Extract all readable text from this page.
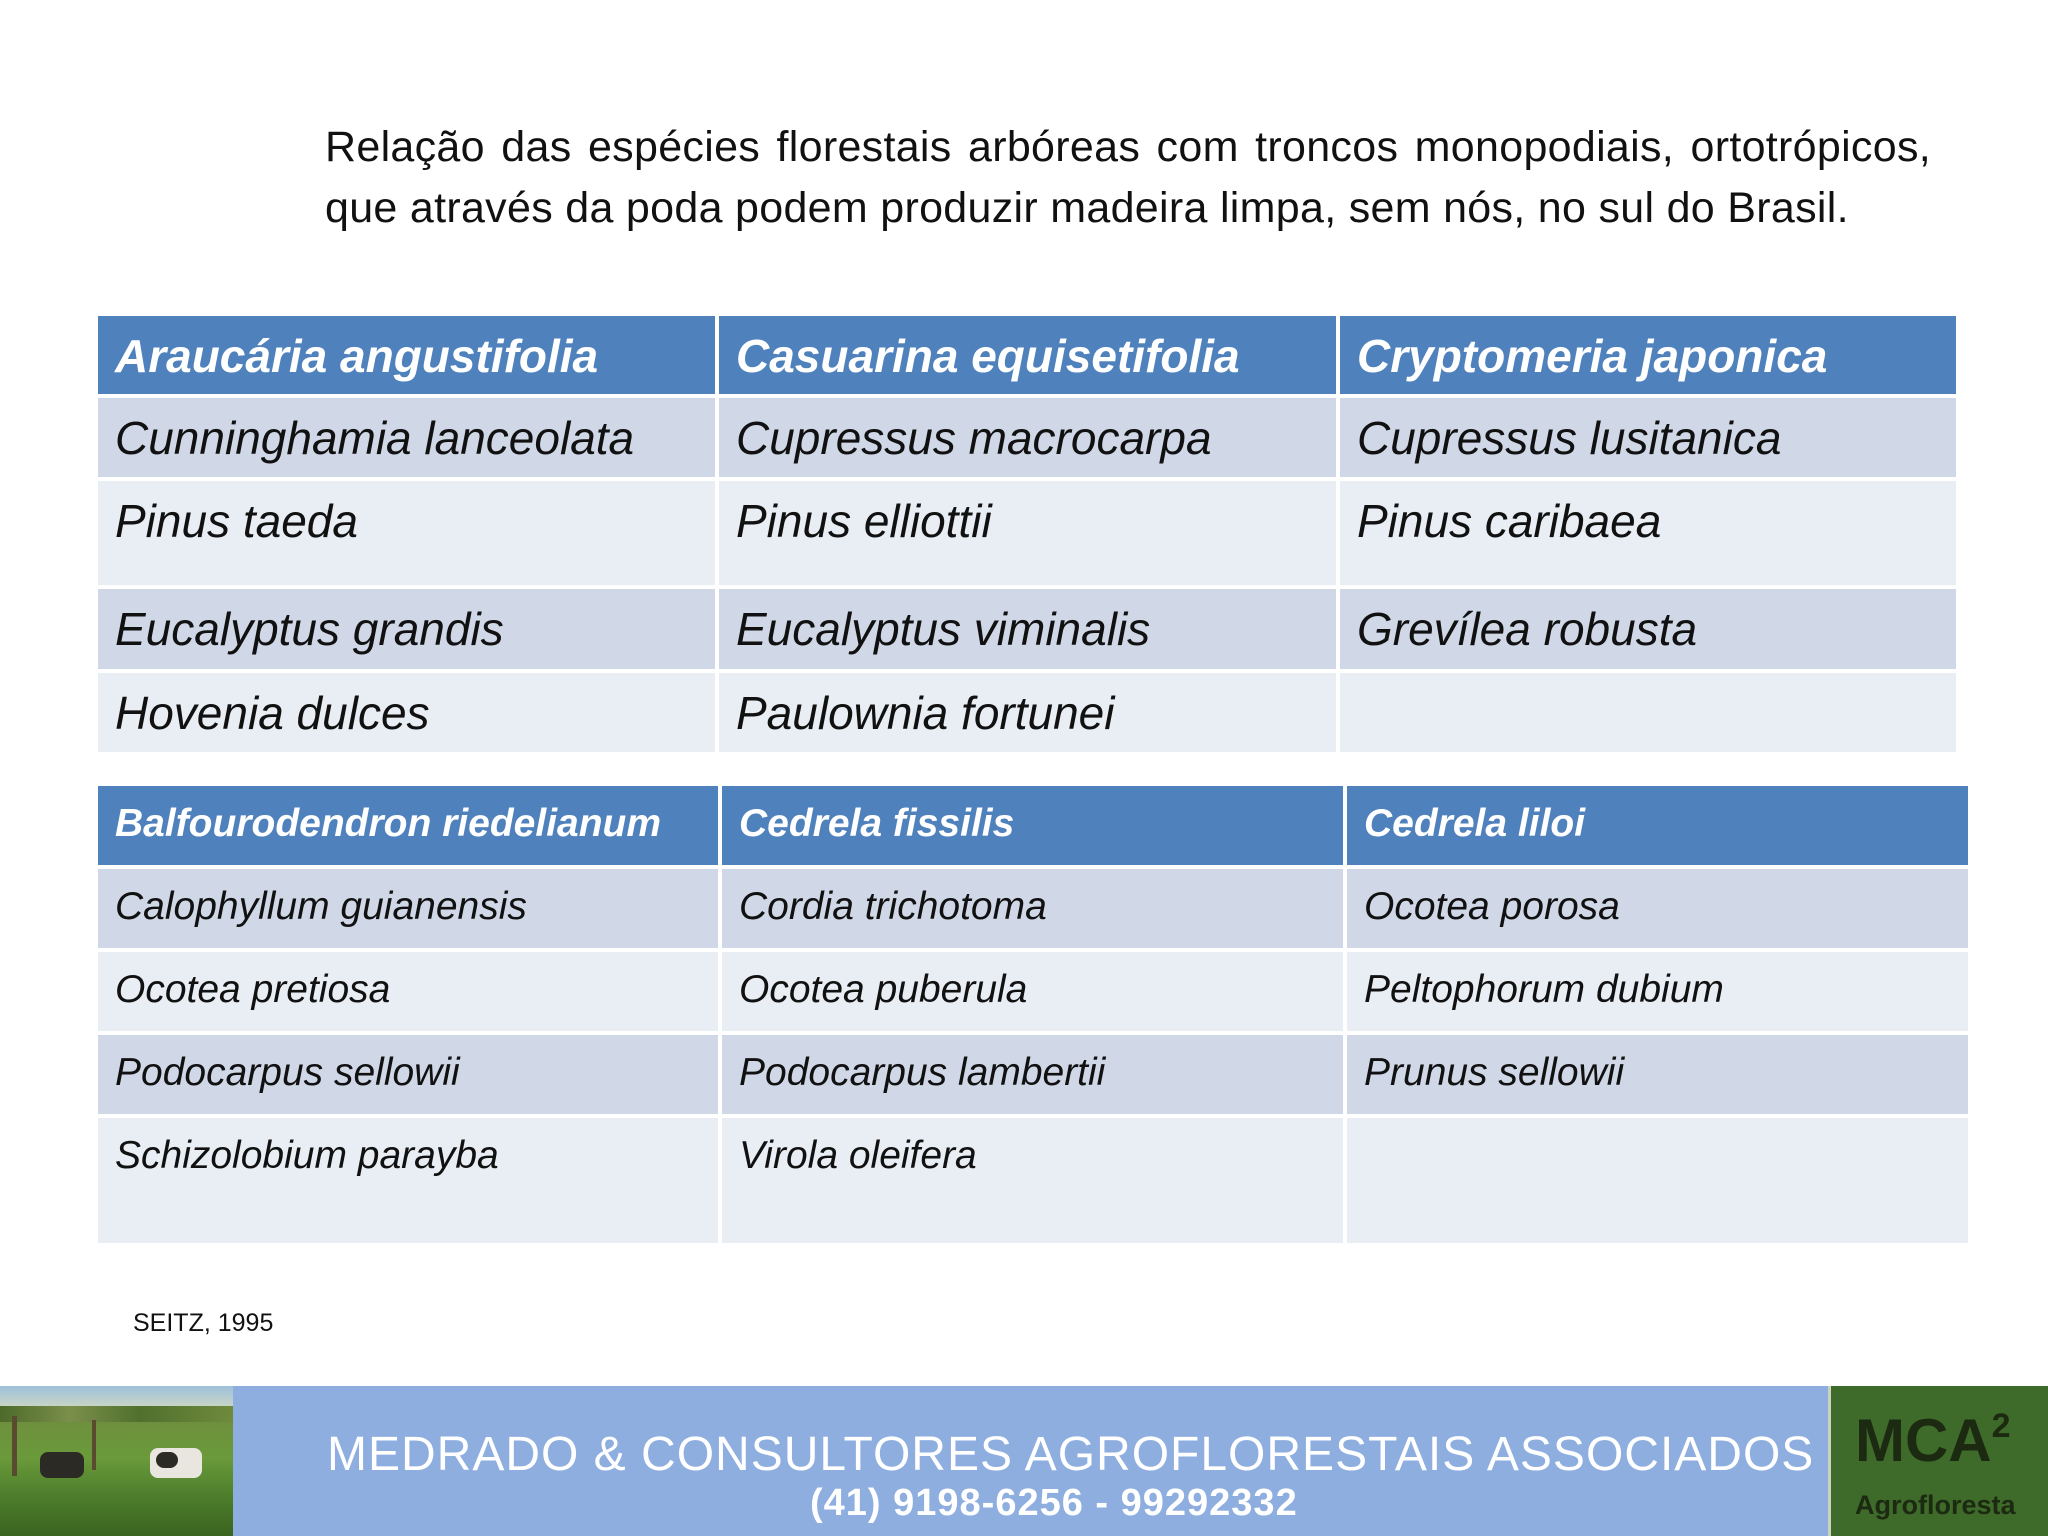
Relação das espécies florestais arbóreas com troncos monopodiais, ortotrópicos, que através da poda podem produzir madeira limpa, sem nós, no sul do Brasil.

Araucária angustifolia	Casuarina equisetifolia	Cryptomeria japonica
Cunninghamia lanceolata	Cupressus macrocarpa	Cupressus lusitanica
Pinus taeda	Pinus elliottii	Pinus caribaea
Eucalyptus grandis	Eucalyptus viminalis	Grevílea robusta
Hovenia dulces	Paulownia fortunei	
Balfourodendron riedelianum	Cedrela fissilis	Cedrela liloi
Calophyllum guianensis	Cordia trichotoma	Ocotea porosa
Ocotea pretiosa	Ocotea puberula	Peltophorum dubium
Podocarpus sellowii	Podocarpus lambertii	Prunus sellowii
Schizolobium parayba	Virola oleifera	
SEITZ, 1995
MEDRADO & CONSULTORES AGROFLORESTAIS ASSOCIADOS
(41) 9198-6256 - 99292332
MCA$^2$
Agrofloresta
